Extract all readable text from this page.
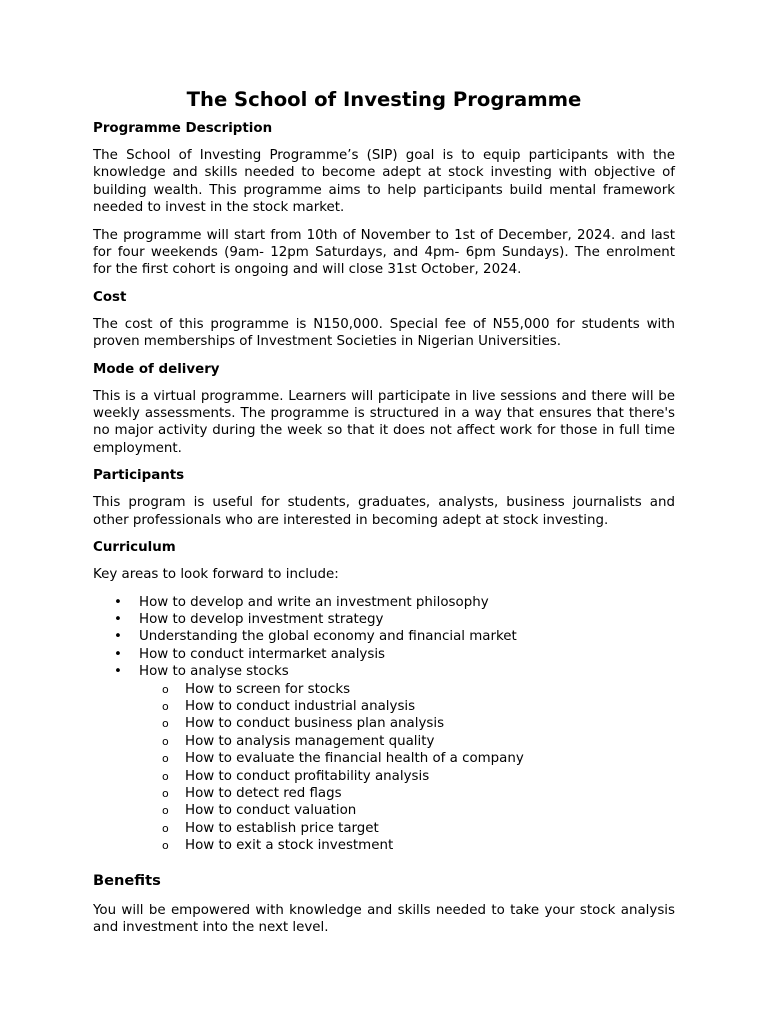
The School of Investing Programme
Programme Description

The School of Investing Programme’s (SIP) goal is to equip participants with the knowledge and skills needed to become adept at stock investing with objective of building wealth. This programme aims to help participants build mental framework needed to invest in the stock market.

The programme will start from 10th of November to 1st of December, 2024. and last for four weekends (9am- 12pm Saturdays, and 4pm- 6pm Sundays). The enrolment for the first cohort is ongoing and will close 31st October, 2024.

Cost

The cost of this programme is N150,000. Special fee of N55,000 for students with proven memberships of Investment Societies in Nigerian Universities.

Mode of delivery

This is a virtual programme. Learners will participate in live sessions and there will be weekly assessments. The programme is structured in a way that ensures that there's no major activity during the week so that it does not affect work for those in full time employment.

Participants

This program is useful for students, graduates, analysts, business journalists and other professionals who are interested in becoming adept at stock investing.

Curriculum

Key areas to look forward to include:

• How to develop and write an investment philosophy
• How to develop investment strategy
• Understanding the global economy and financial market
• How to conduct intermarket analysis
• How to analyse stocks
o How to screen for stocks
o How to conduct industrial analysis
o How to conduct business plan analysis
o How to analysis management quality
o How to evaluate the financial health of a company
o How to conduct profitability analysis
o How to detect red flags
o How to conduct valuation
o How to establish price target
o How to exit a stock investment
Benefits

You will be empowered with knowledge and skills needed to take your stock analysis and investment into the next level.
